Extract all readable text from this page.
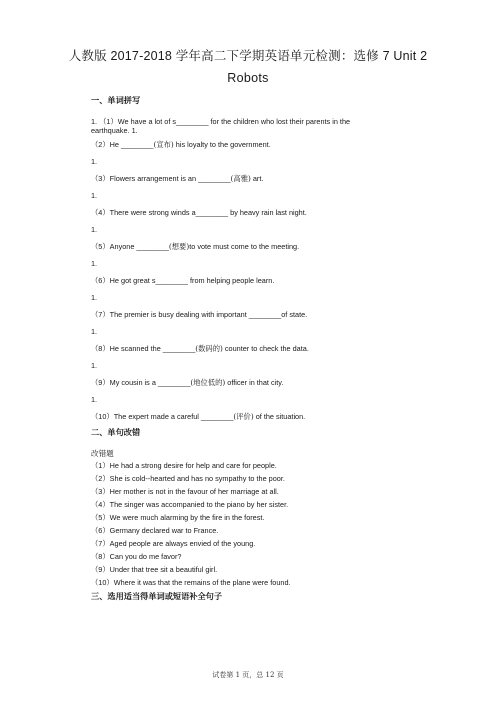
人教版 2017-2018 学年高二下学期英语单元检测：选修 7 Unit 2
Robots
一、单词拼写
1. （1）We have a lot of s________ for the children who lost their parents in the
earthquake. 1.
（2）He ________(宣布) his loyalty to the government.
1.
（3）Flowers arrangement is an ________(高雅) art.
1.
（4）There were strong winds a________ by heavy rain last night.
1.
（5）Anyone ________(想要)to vote must come to the meeting.
1.
（6）He got great s________ from helping people learn.
1.
（7）The premier is busy dealing with important ________of state.
1.
（8）He scanned the ________(数码的) counter to check the data.
1.
（9）My cousin is a ________(地位低的) officer in that city.
1.
（10）The expert made a careful ________(评价) of the situation.
二、单句改错
改错题
（1）He had a strong desire for help and care for people.
（2）She is cold--hearted and has no sympathy to the poor.
（3）Her mother is not in the favour of her marriage at all.
（4）The singer was accompanied to the piano by her sister.
（5）We were much alarming by the fire in the forest.
（6）Germany declared war to France.
（7）Aged people are always envied of the young.
（8）Can you do me favor?
（9）Under that tree sit a beautiful girl.
（10）Where it was that the remains of the plane were found.
三、选用适当得单词或短语补全句子
试卷第 1 页，总 12 页
